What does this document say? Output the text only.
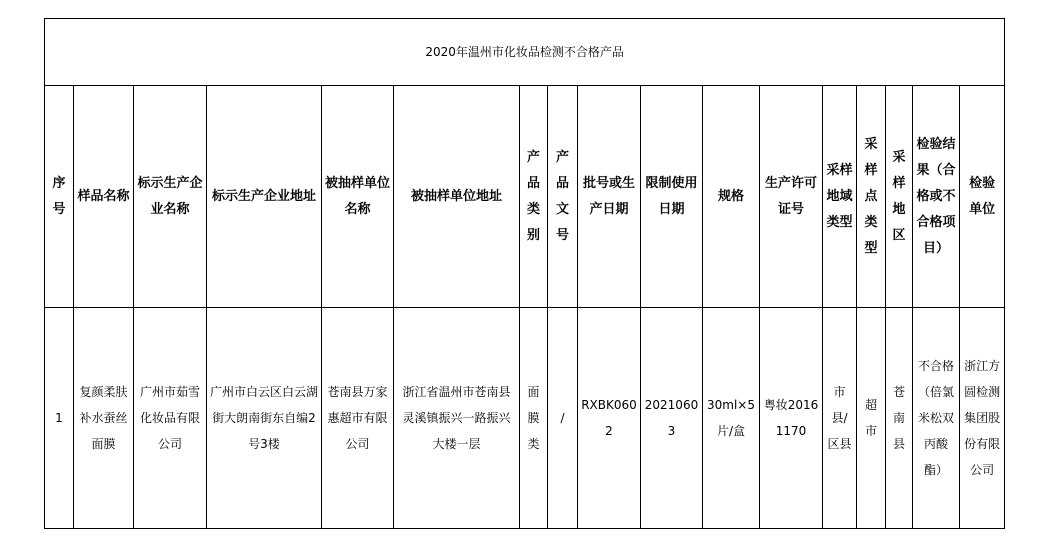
2020年温州市化妆品检测不合格产品																
序号	样品名称	标示生产企业名称	标示生产企业地址	被抽样单位名称	被抽样单位地址	产品类别	产品文号	批号或生产日期	限制使用日期	规格	生产许可证号	采样地域类型	采样点类型	采样地区	检验结果（合格或不合格项目）	检验单位
1	复颜柔肤补水蚕丝面膜	广州市茹雪化妆品有限公司	广州市白云区白云湖街大朗南街东自编2号3楼	苍南县万家惠超市有限公司	浙江省温州市苍南县灵溪镇振兴一路振兴大楼一层	面膜类	/	RXBK0602	20210603	30ml×5片/盒	粤妆20161170	市县/区县	超市	苍南县	不合格（倍氯米松双丙酸酯）	浙江方圆检测集团股份有限公司
